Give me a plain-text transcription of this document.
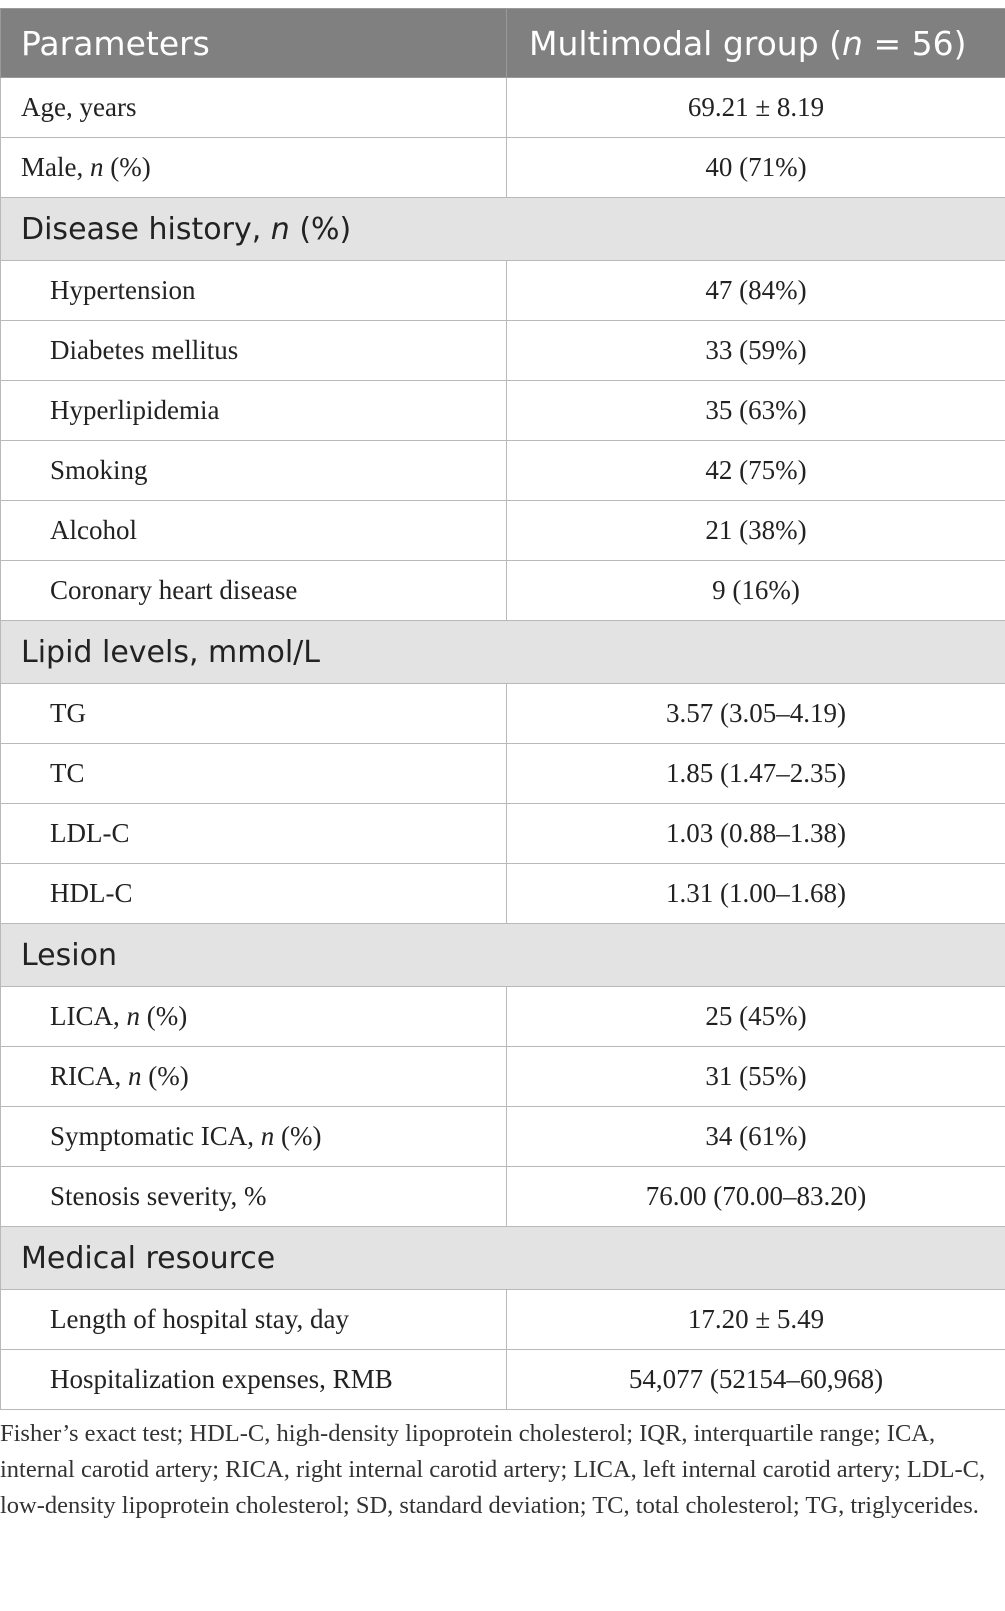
Parameters	Multimodal group (n = 56)
Age, years	69.21 ± 8.19
Male, n (%)	40 (71%)
Disease history, n (%)	
Hypertension	47 (84%)
Diabetes mellitus	33 (59%)
Hyperlipidemia	35 (63%)
Smoking	42 (75%)
Alcohol	21 (38%)
Coronary heart disease	9 (16%)
Lipid levels, mmol/L	
TG	3.57 (3.05–4.19)
TC	1.85 (1.47–2.35)
LDL-C	1.03 (0.88–1.38)
HDL-C	1.31 (1.00–1.68)
Lesion	
LICA, n (%)	25 (45%)
RICA, n (%)	31 (55%)
Symptomatic ICA, n (%)	34 (61%)
Stenosis severity, %	76.00 (70.00–83.20)
Medical resource	
Length of hospital stay, day	17.20 ± 5.49
Hospitalization expenses, RMB	54,077 (52154–60,968)
Fisher’s exact test; HDL-C, high-density lipoprotein cholesterol; IQR, interquartile range; ICA, internal carotid artery; RICA, right internal carotid artery; LICA, left internal carotid artery; LDL-C, low-density lipoprotein cholesterol; SD, standard deviation; TC, total cholesterol; TG, triglycerides.
